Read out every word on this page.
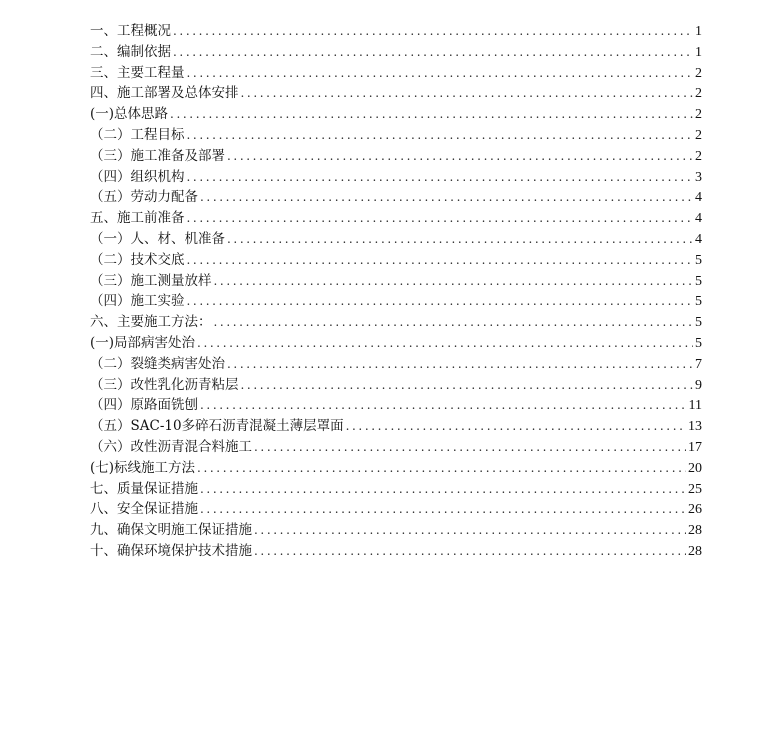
一、工程概况 .....	1
二、编制依据 .....	1
三、主要工程量 .....	2
四、施工部署及总体安排 .....	2
(一)总体思路 .....	2
（二）工程目标 .....	2
（三）施工准备及部署 .....	2
（四）组织机构 .....	3
（五）劳动力配备 .....	4
五、施工前准备 .....	4
（一）人、材、机准备 .....	4
（二）技术交底 .....	5
（三）施工测量放样 .....	5
（四）施工实验 .....	5
六、主要施工方法： .....	5
(一)局部病害处治 .....	5
（二）裂缝类病害处治 .....	7
（三）改性乳化沥青粘层 .....	9
（四）原路面铣刨 .....	11
（五）SAC-10多碎石沥青混凝土薄层罩面 .....	13
（六）改性沥青混合料施工 .....	17
(七)标线施工方法 .....	20
七、质量保证措施 .....	25
八、安全保证措施 .....	26
九、确保文明施工保证措施 .....	28
十、确保环境保护技术措施 .....	28
